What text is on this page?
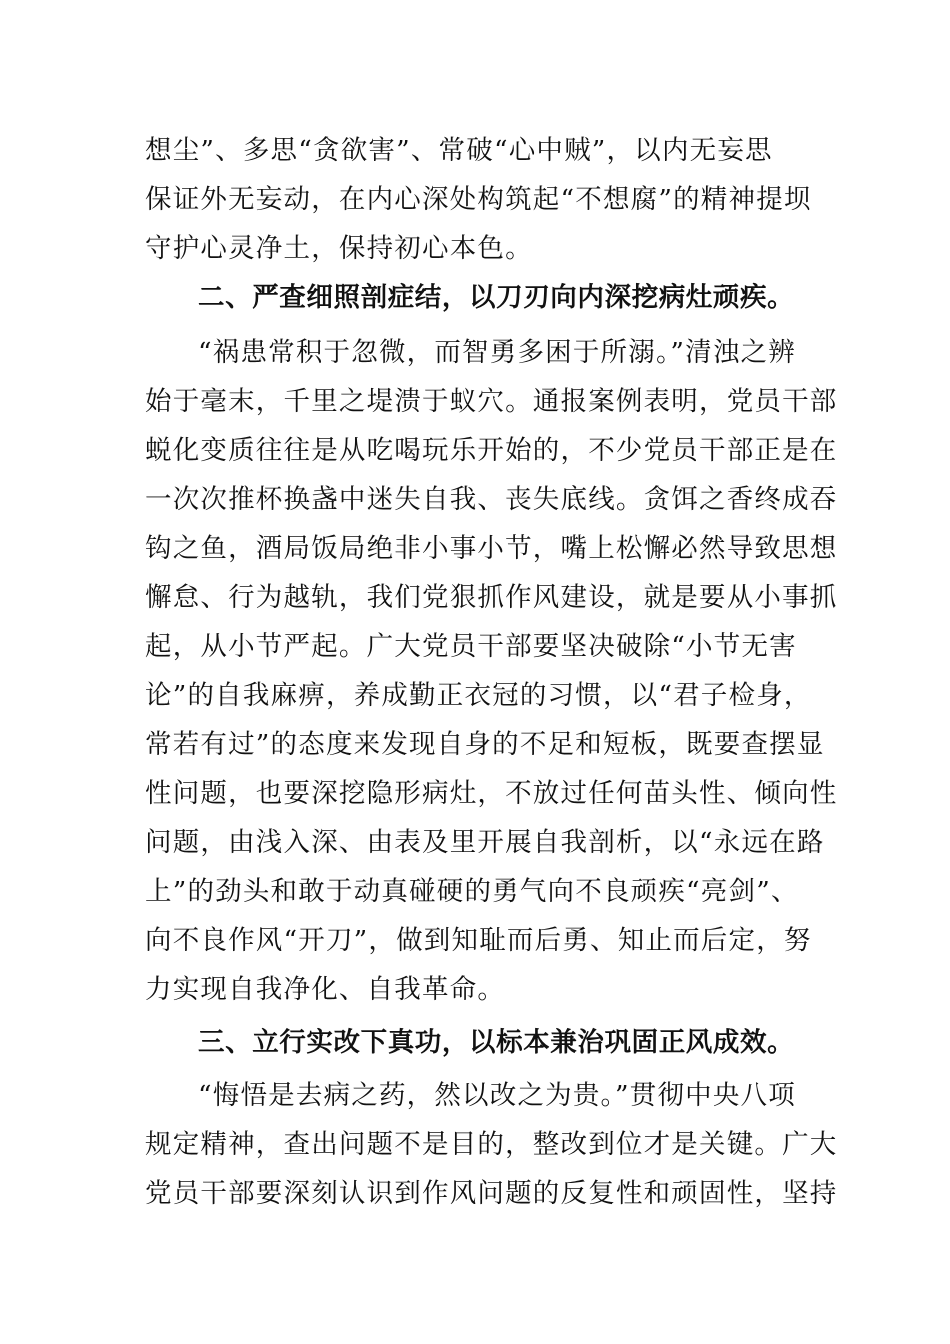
想尘”、多思“贪欲害”、常破“心中贼”，以内无妄思
保证外无妄动，在内心深处构筑起“不想腐”的精神提坝
守护心灵净土，保持初心本色。
二、严查细照剖症结，以刀刃向内深挖病灶顽疾。
“祸患常积于忽微，而智勇多困于所溺。”清浊之辨
始于毫末，千里之堤溃于蚁穴。通报案例表明，党员干部
蜕化变质往往是从吃喝玩乐开始的，不少党员干部正是在
一次次推杯换盏中迷失自我、丧失底线。贪饵之香终成吞
钩之鱼，酒局饭局绝非小事小节，嘴上松懈必然导致思想
懈怠、行为越轨，我们党狠抓作风建设，就是要从小事抓
起，从小节严起。广大党员干部要坚决破除“小节无害
论”的自我麻痹，养成勤正衣冠的习惯，以“君子检身，
常若有过”的态度来发现自身的不足和短板，既要查摆显
性问题，也要深挖隐形病灶，不放过任何苗头性、倾向性
问题，由浅入深、由表及里开展自我剖析，以“永远在路
上”的劲头和敢于动真碰硬的勇气向不良顽疾“亮剑”、
向不良作风“开刀”，做到知耻而后勇、知止而后定，努
力实现自我净化、自我革命。
三、立行实改下真功，以标本兼治巩固正风成效。
“悔悟是去病之药，然以改之为贵。”贯彻中央八项
规定精神，查出问题不是目的，整改到位才是关键。广大
党员干部要深刻认识到作风问题的反复性和顽固性，坚持
